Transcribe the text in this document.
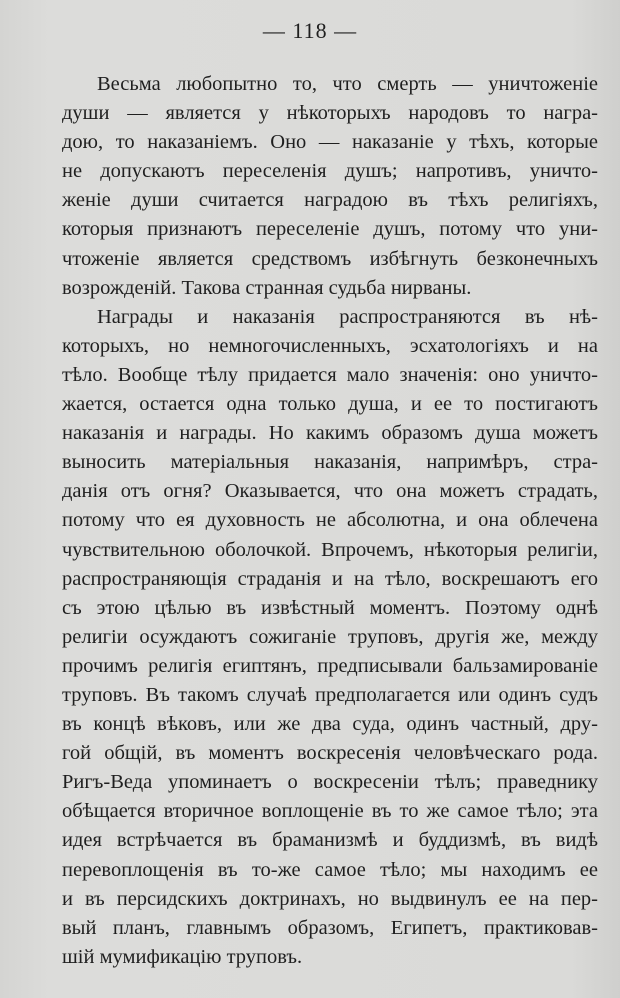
— 118 —
Весьма любопытно то, что смерть — уничтоженіе
души — является у нѣкоторыхъ народовъ то награ-
дою, то наказаніемъ. Оно — наказаніе у тѣхъ, которые
не допускаютъ переселенія душъ; напротивъ, уничто-
женіе души считается наградою въ тѣхъ религіяхъ,
которыя признаютъ переселеніе душъ, потому что уни-
чтоженіе является средствомъ избѣгнуть безконечныхъ
возрожденій. Такова странная судьба нирваны.
Награды и наказанія распространяются въ нѣ-
которыхъ, но немногочисленныхъ, эсхатологіяхъ и на
тѣло. Вообще тѣлу придается мало значенія: оно уничто-
жается, остается одна только душа, и ее то постигаютъ
наказанія и награды. Но какимъ образомъ душа можетъ
выносить матеріальныя наказанія, напримѣръ, стра-
данія отъ огня? Оказывается, что она можетъ страдать,
потому что ея духовность не абсолютна, и она облечена
чувствительною оболочкой. Впрочемъ, нѣкоторыя религіи,
распространяющія страданія и на тѣло, воскрешаютъ его
съ этою цѣлью въ извѣстный моментъ. Поэтому однѣ
религіи осуждаютъ сожиганіе труповъ, другія же, между
прочимъ религія египтянъ, предписывали бальзамированіе
труповъ. Въ такомъ случаѣ предполагается или одинъ судъ
въ концѣ вѣковъ, или же два суда, одинъ частный, дру-
гой общій, въ моментъ воскресенія человѣческаго рода.
Ригъ-Веда упоминаетъ о воскресеніи тѣлъ; праведнику
обѣщается вторичное воплощеніе въ то же самое тѣло; эта
идея встрѣчается въ браманизмѣ и буддизмѣ, въ видѣ
перевоплощенія въ то-же самое тѣло; мы находимъ ее
и въ персидскихъ доктринахъ, но выдвинулъ ее на пер-
вый планъ, главнымъ образомъ, Египетъ, практиковав-
шій мумификацію труповъ.
